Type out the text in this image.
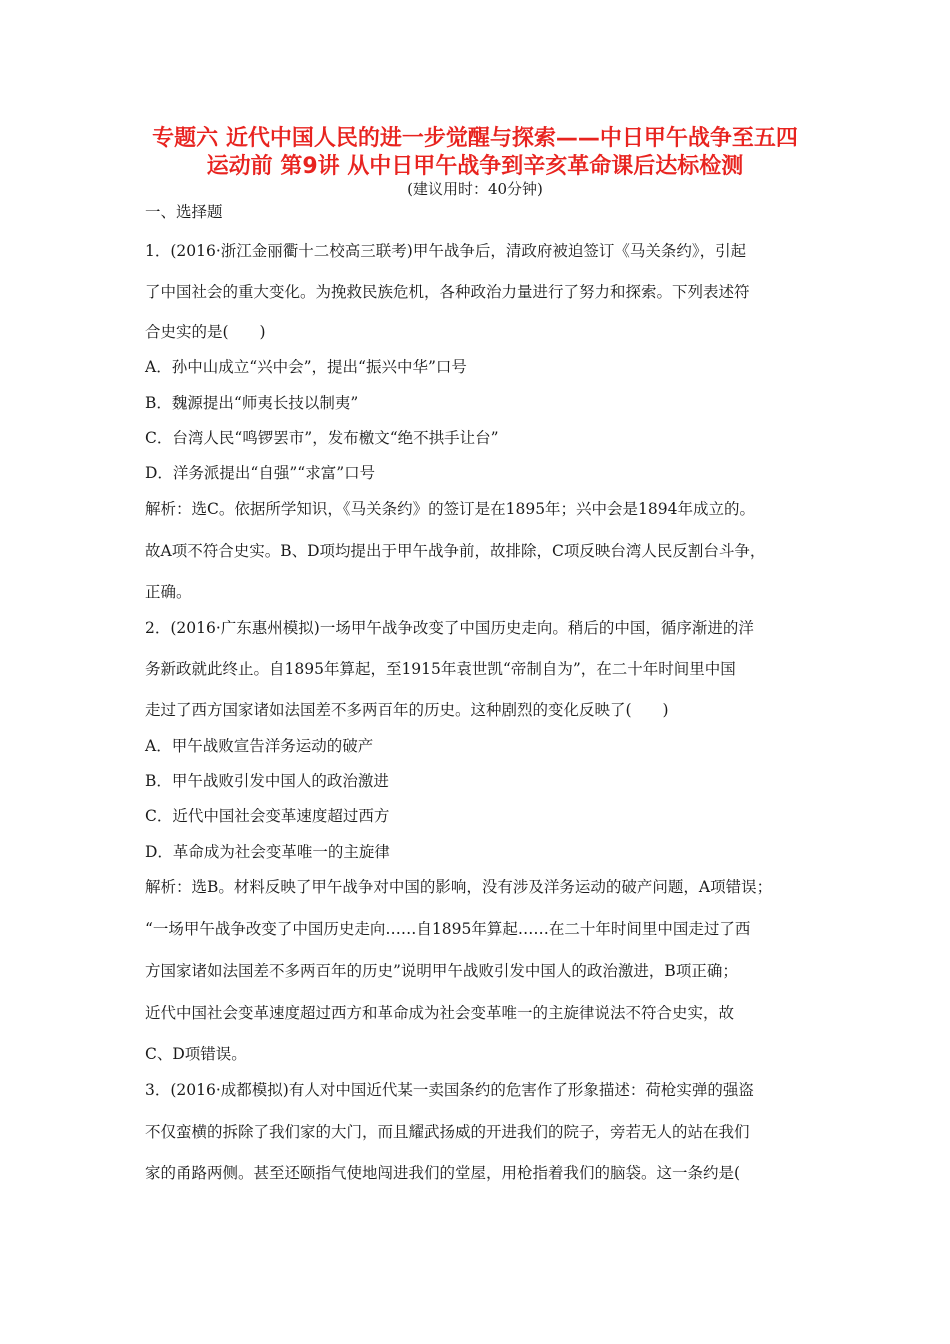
专题六 近代中国人民的进一步觉醒与探索——中日甲午战争至五四
运动前 第9讲 从中日甲午战争到辛亥革命课后达标检测
(建议用时：40分钟)
一、选择题
1．(2016·浙江金丽衢十二校高三联考)甲午战争后，清政府被迫签订《马关条约》，引起
了中国社会的重大变化。为挽救民族危机，各种政治力量进行了努力和探索。下列表述符
合史实的是(　　)
A．孙中山成立“兴中会”，提出“振兴中华”口号
B．魏源提出“师夷长技以制夷”
C．台湾人民“鸣锣罢市”，发布檄文“绝不拱手让台”
D．洋务派提出“自强”“求富”口号
解析：选C。依据所学知识，《马关条约》的签订是在1895年；兴中会是1894年成立的。
故A项不符合史实。B、D项均提出于甲午战争前，故排除，C项反映台湾人民反割台斗争，
正确。
2．(2016·广东惠州模拟)一场甲午战争改变了中国历史走向。稍后的中国，循序渐进的洋
务新政就此终止。自1895年算起，至1915年袁世凯“帝制自为”，在二十年时间里中国
走过了西方国家诸如法国差不多两百年的历史。这种剧烈的变化反映了(　　)
A．甲午战败宣告洋务运动的破产
B．甲午战败引发中国人的政治激进
C．近代中国社会变革速度超过西方
D．革命成为社会变革唯一的主旋律
解析：选B。材料反映了甲午战争对中国的影响，没有涉及洋务运动的破产问题，A项错误；
“一场甲午战争改变了中国历史走向……自1895年算起……在二十年时间里中国走过了西
方国家诸如法国差不多两百年的历史”说明甲午战败引发中国人的政治激进，B项正确；
近代中国社会变革速度超过西方和革命成为社会变革唯一的主旋律说法不符合史实，故
C、D项错误。
3．(2016·成都模拟)有人对中国近代某一卖国条约的危害作了形象描述：荷枪实弹的强盗
不仅蛮横的拆除了我们家的大门，而且耀武扬威的开进我们的院子，旁若无人的站在我们
家的甬路两侧。甚至还颐指气使地闯进我们的堂屋，用枪指着我们的脑袋。这一条约是(
